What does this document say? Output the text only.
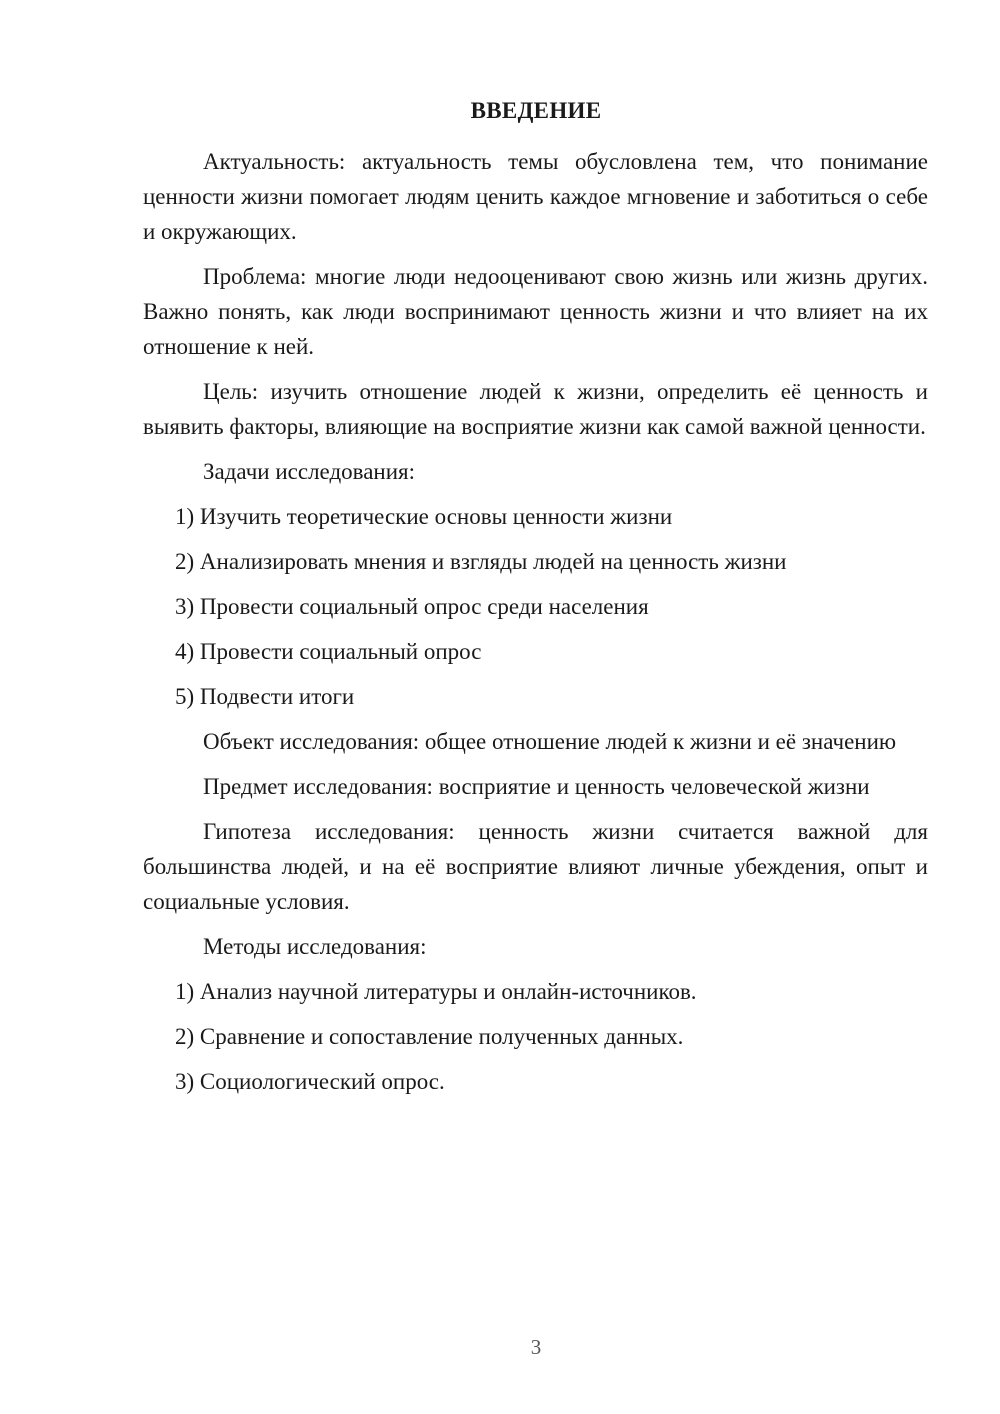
ВВЕДЕНИЕ

Актуальность: актуальность темы обусловлена тем, что понимание ценности жизни помогает людям ценить каждое мгновение и заботиться о себе и окружающих.

Проблема: многие люди недооценивают свою жизнь или жизнь других. Важно понять, как люди воспринимают ценность жизни и что влияет на их отношение к ней.

Цель: изучить отношение людей к жизни, определить её ценность и выявить факторы, влияющие на восприятие жизни как самой важной ценности.

Задачи исследования:

1) Изучить теоретические основы ценности жизни

2) Анализировать мнения и взгляды людей на ценность жизни

3) Провести социальный опрос среди населения

4) Провести социальный опрос

5) Подвести итоги

Объект исследования: общее отношение людей к жизни и её значению

Предмет исследования: восприятие и ценность человеческой жизни

Гипотеза исследования: ценность жизни считается важной для большинства людей, и на её восприятие влияют личные убеждения, опыт и социальные условия.

Методы исследования:

1) Анализ научной литературы и онлайн-источников.

2) Сравнение и сопоставление полученных данных.

3) Социологический опрос.

3
